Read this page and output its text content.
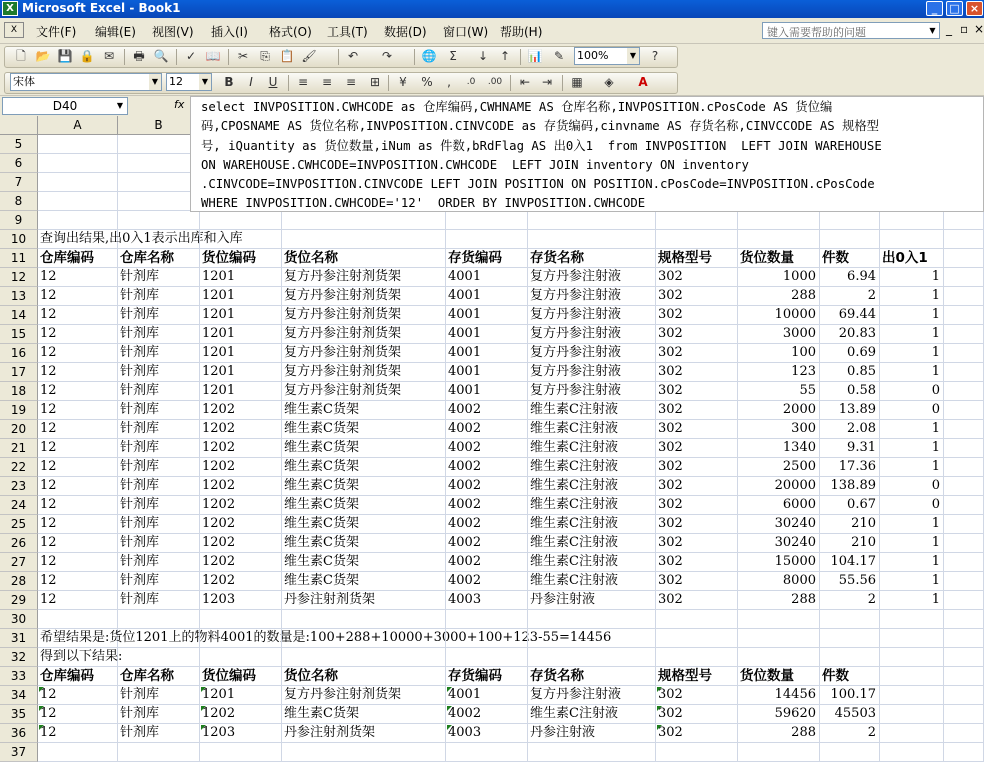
X Microsoft Excel - Book1	_	□ ×
X	文件(F) 编辑(E) 视图(V) 插入(I) 格式(O) 工具(T) 数据(D) 窗口(W) 帮助(H)	键入需要帮助的问题	▼ _ ▫ ×
🗋 📂 💾 🔒 ✉	🖶 🔍	✓ 📖	✂	⎘ 📋 🖌	↶	↷	🌐	Σ	↓ ↑	📊 ✎	100%	▼	?
宋体	▼ 12	▼	B	I	U	≡	≡	≡	⊞	¥	%	,	.0	.00	⇤ ⇥	▦	◈	A
D40	▼	fx select INVPOSITION.CWHCODE as 仓库编码,CWHNAME AS 仓库名称,INVPOSITION.cPosCode AS 货位编
码,CPOSNAME AS 货位名称,INVPOSITION.CINVCODE as 存货编码,cinvname AS 存货名称,CINVCCODE AS 规格型
号, iQuantity as 货位数量,iNum as 件数,bRdFlag AS 出0入1  from INVPOSITION  LEFT JOIN WAREHOUSE
ON WAREHOUSE.CWHCODE=INVPOSITION.CWHCODE  LEFT JOIN inventory ON inventory
.CINVCODE=INVPOSITION.CINVCODE LEFT JOIN POSITION ON POSITION.cPosCode=INVPOSITION.cPosCode
WHERE INVPOSITION.CWHCODE='12'  ORDER BY INVPOSITION.CWHCODE
A	B
5
6
7
8
9
10	查询出结果,出0入1表示出库和入库
11	仓库编码	仓库名称	货位编码	货位名称	存货编码	存货名称	规格型号	货位数量	件数	出0入1
12	12	针剂库	1201	复方丹参注射剂货架	4001	复方丹参注射液	302	1000	6.94	1
13	12	针剂库	1201	复方丹参注射剂货架	4001	复方丹参注射液	302	288	2	1
14	12	针剂库	1201	复方丹参注射剂货架	4001	复方丹参注射液	302	10000	69.44	1
15	12	针剂库	1201	复方丹参注射剂货架	4001	复方丹参注射液	302	3000	20.83	1
16	12	针剂库	1201	复方丹参注射剂货架	4001	复方丹参注射液	302	100	0.69	1
17	12	针剂库	1201	复方丹参注射剂货架	4001	复方丹参注射液	302	123	0.85	1
18	12	针剂库	1201	复方丹参注射剂货架	4001	复方丹参注射液	302	55	0.58	0
19	12	针剂库	1202	维生素C货架	4002	维生素C注射液	302	2000	13.89	0
20	12	针剂库	1202	维生素C货架	4002	维生素C注射液	302	300	2.08	1
21	12	针剂库	1202	维生素C货架	4002	维生素C注射液	302	1340	9.31	1
22	12	针剂库	1202	维生素C货架	4002	维生素C注射液	302	2500	17.36	1
23	12	针剂库	1202	维生素C货架	4002	维生素C注射液	302	20000	138.89	0
24	12	针剂库	1202	维生素C货架	4002	维生素C注射液	302	6000	0.67	0
25	12	针剂库	1202	维生素C货架	4002	维生素C注射液	302	30240	210	1
26	12	针剂库	1202	维生素C货架	4002	维生素C注射液	302	30240	210	1
27	12	针剂库	1202	维生素C货架	4002	维生素C注射液	302	15000	104.17	1
28	12	针剂库	1202	维生素C货架	4002	维生素C注射液	302	8000	55.56	1
29	12	针剂库	1203	丹参注射剂货架	4003	丹参注射液	302	288	2	1
30
31	希望结果是:货位1201上的物料4001的数量是:100+288+10000+3000+100+123-55=14456
32	得到以下结果:
33	仓库编码	仓库名称	货位编码	货位名称	存货编码	存货名称	规格型号	货位数量	件数
34	12	针剂库	1201	复方丹参注射剂货架	4001	复方丹参注射液	302	14456	100.17
35	12	针剂库	1202	维生素C货架	4002	维生素C注射液	302	59620	45503
36	12	针剂库	1203	丹参注射剂货架	4003	丹参注射液	302	288	2
37
